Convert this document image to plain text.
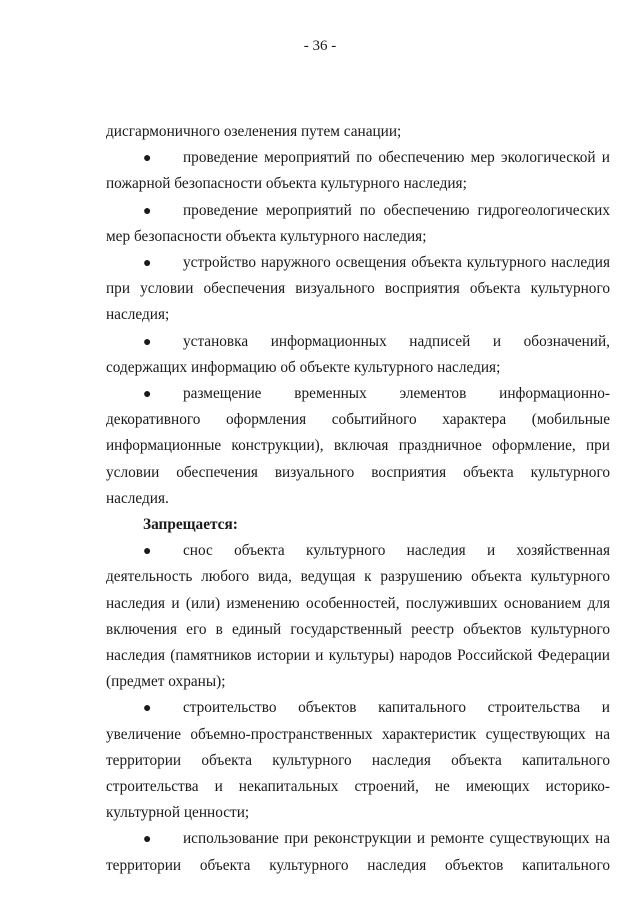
- 36 -

дисгармоничного озеленения путем санации;

●	проведение мероприятий по обеспечению мер экологической и пожарной безопасности объекта культурного наследия;
●	проведение мероприятий по обеспечению гидрогеологических мер безопасности объекта культурного наследия;
●	устройство наружного освещения объекта культурного наследия при условии обеспечения визуального восприятия объекта культурного наследия;
●	установка информационных надписей и обозначений, содержащих информацию об объекте культурного наследия;
●	размещение временных элементов информационно-декоративного оформления событийного характера (мобильные информационные конструкции), включая праздничное оформление, при условии обеспечения визуального восприятия объекта культурного наследия.

Запрещается:

●	снос объекта культурного наследия и хозяйственная деятельность любого вида, ведущая к разрушению объекта культурного наследия и (или) изменению особенностей, послуживших основанием для включения его в единый государственный реестр объектов культурного наследия (памятников истории и культуры) народов Российской Федерации (предмет охраны);
●	строительство объектов капитального строительства и увеличение объемно-пространственных характеристик существующих на территории объекта культурного наследия объекта капитального строительства и некапитальных строений, не имеющих историко-культурной ценности;
●	использование при реконструкции и ремонте существующих на территории объекта культурного наследия объектов капитального
